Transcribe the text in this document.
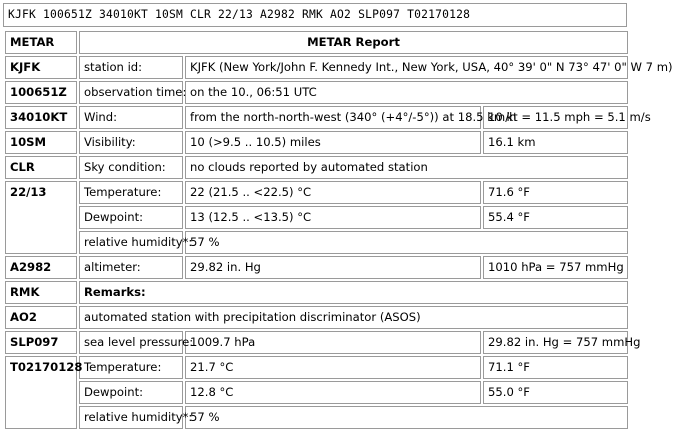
KJFK 100651Z 34010KT 10SM CLR 22/13 A2982 RMK AO2 SLP097 T02170128
METAR	METAR Report		
KJFK	station id:	KJFK (New York/John F. Kennedy Int., New York, USA, 40° 39' 0" N 73° 47' 0" W 7 m)	
100651Z	observation time:	on the 10., 06:51 UTC	
34010KT	Wind:	from the north-north-west (340° (+4°/-5°)) at 18.5 km/h	10 kt = 11.5 mph = 5.1 m/s
10SM	Visibility:	10 (>9.5 .. 10.5) miles	16.1 km
CLR	Sky condition:	no clouds reported by automated station	
22/13	Temperature:	22 (21.5 .. <22.5) °C	71.6 °F
	Dewpoint:	13 (12.5 .. <13.5) °C	55.4 °F
	relative humidity*:	57 %	
A2982	altimeter:	29.82 in. Hg	1010 hPa = 757 mmHg
RMK	Remarks:		
AO2	automated station with precipitation discriminator (ASOS)		
SLP097	sea level pressure:	1009.7 hPa	29.82 in. Hg = 757 mmHg
T02170128	Temperature:	21.7 °C	71.1 °F
	Dewpoint:	12.8 °C	55.0 °F
	relative humidity*:	57 %	
